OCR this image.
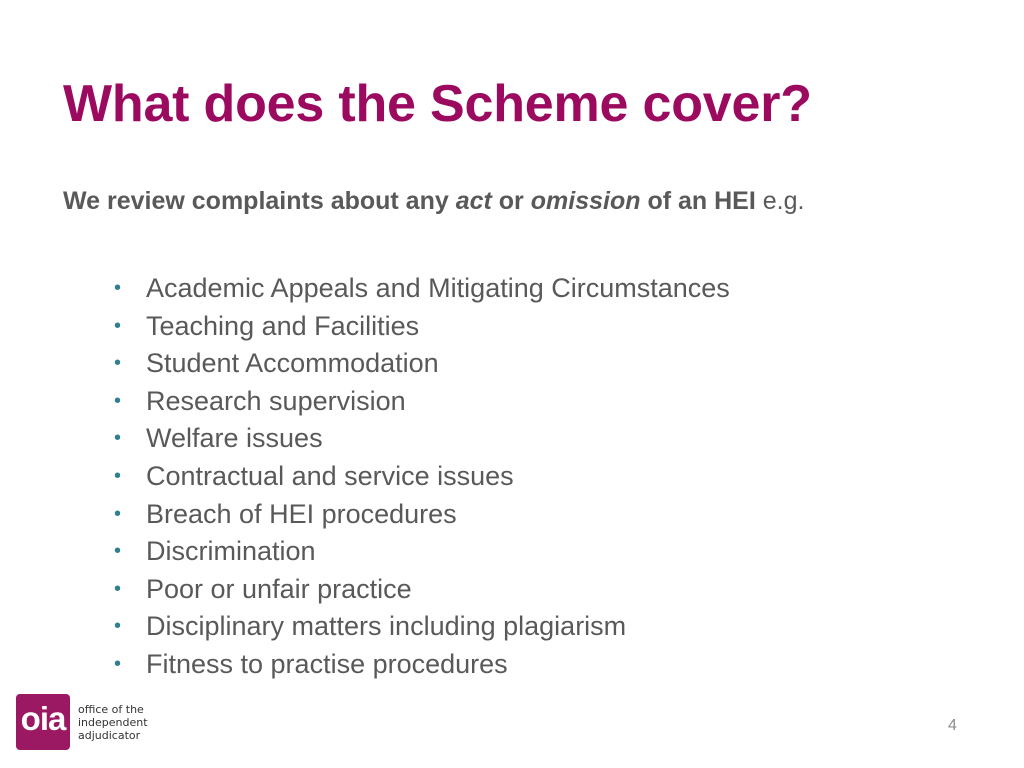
What does the Scheme cover?

We review complaints about any act or omission of an HEI e.g.

• Academic Appeals and Mitigating Circumstances
• Teaching and Facilities
• Student Accommodation
• Research supervision
• Welfare issues
• Contractual and service issues
• Breach of HEI procedures
• Discrimination
• Poor or unfair practice
• Disciplinary matters including plagiarism
• Fitness to practise procedures
oia	office of the
independent
adjudicator
4
